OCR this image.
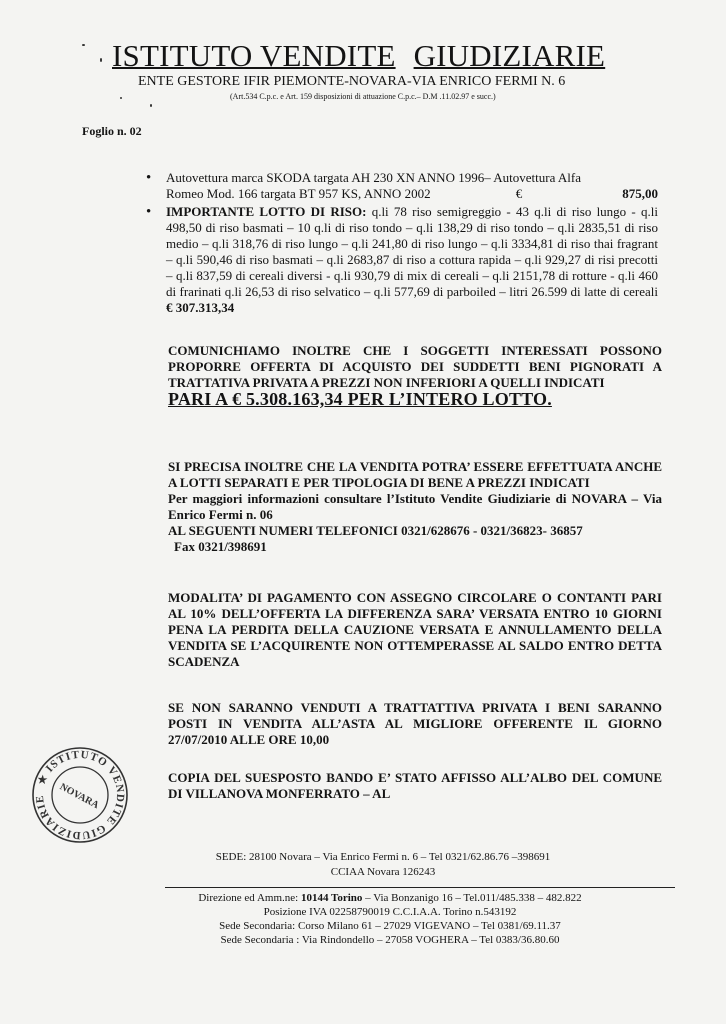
ISTITUTO VENDITE GIUDIZIARIE
ENTE GESTORE IFIR PIEMONTE-NOVARA-VIA ENRICO FERMI N. 6
(Art.534 C.p.c. e Art. 159 disposizioni di attuazione C.p.c.– D.M .11.02.97 e succ.)
Foglio n. 02
• Autovettura marca SKODA targata AH 230 XN ANNO 1996– Autovettura Alfa
Romeo Mod. 166 targata BT 957 KS, ANNO 2002	€	875,00
• IMPORTANTE LOTTO DI RISO: q.li 78 riso semigreggio - 43 q.li di riso lungo - q.li 498,50 di riso basmati – 10 q.li di riso tondo – q.li 138,29 di riso tondo – q.li 2835,51 di riso medio – q.li 318,76 di riso lungo – q.li 241,80 di riso lungo – q.li 3334,81 di riso thai fragrant – q.li 590,46 di riso basmati – q.li 2683,87 di riso a cottura rapida – q.li 929,27 di risi precotti – q.li 837,59 di cereali diversi - q.li 930,79 di mix di cereali – q.li 2151,78 di rotture - q.li 460 di frarinati q.li 26,53 di riso selvatico – q.li 577,69 di parboiled – litri 26.599 di latte di cereali € 307.313,34
COMUNICHIAMO INOLTRE CHE I SOGGETTI INTERESSATI POSSONO PROPORRE OFFERTA DI ACQUISTO DEI SUDDETTI BENI PIGNORATI A TRATTATIVA PRIVATA A PREZZI NON INFERIORI A QUELLI INDICATI
PARI A € 5.308.163,34 PER L’INTERO LOTTO.
SI PRECISA INOLTRE CHE LA VENDITA POTRA’ ESSERE EFFETTUATA ANCHE A LOTTI SEPARATI E PER TIPOLOGIA DI BENE A PREZZI INDICATI
Per maggiori informazioni consultare l’Istituto Vendite Giudiziarie di NOVARA – Via Enrico Fermi n. 06
AL SEGUENTI NUMERI TELEFONICI 0321/628676 - 0321/36823- 36857
Fax 0321/398691
MODALITA’ DI PAGAMENTO CON ASSEGNO CIRCOLARE O CONTANTI PARI AL 10% DELL’OFFERTA LA DIFFERENZA SARA’ VERSATA ENTRO 10 GIORNI PENA LA PERDITA DELLA CAUZIONE VERSATA E ANNULLAMENTO DELLA VENDITA SE L’ACQUIRENTE NON OTTEMPERASSE AL SALDO ENTRO DETTA SCADENZA
SE NON SARANNO VENDUTI A TRATTATTIVA PRIVATA I BENI SARANNO POSTI IN VENDITA ALL’ASTA AL MIGLIORE OFFERENTE IL GIORNO 27/07/2010 ALLE ORE 10,00
COPIA DEL SUESPOSTO BANDO E’ STATO AFFISSO ALL’ALBO DEL COMUNE DI VILLANOVA MONFERRATO – AL
★ ISTITUTO VENDITE GIUDIZIARIE	NOVARA
SEDE: 28100 Novara – Via Enrico Fermi n. 6 – Tel 0321/62.86.76 –398691
CCIAA Novara 126243
Direzione ed Amm.ne: 10144 Torino – Via Bonzanigo 16 – Tel.011/485.338 – 482.822
Posizione IVA 02258790019 C.C.I.A.A. Torino n.543192
Sede Secondaria: Corso Milano 61 – 27029 VIGEVANO – Tel 0381/69.11.37
Sede Secondaria : Via Rindondello – 27058 VOGHERA – Tel 0383/36.80.60
